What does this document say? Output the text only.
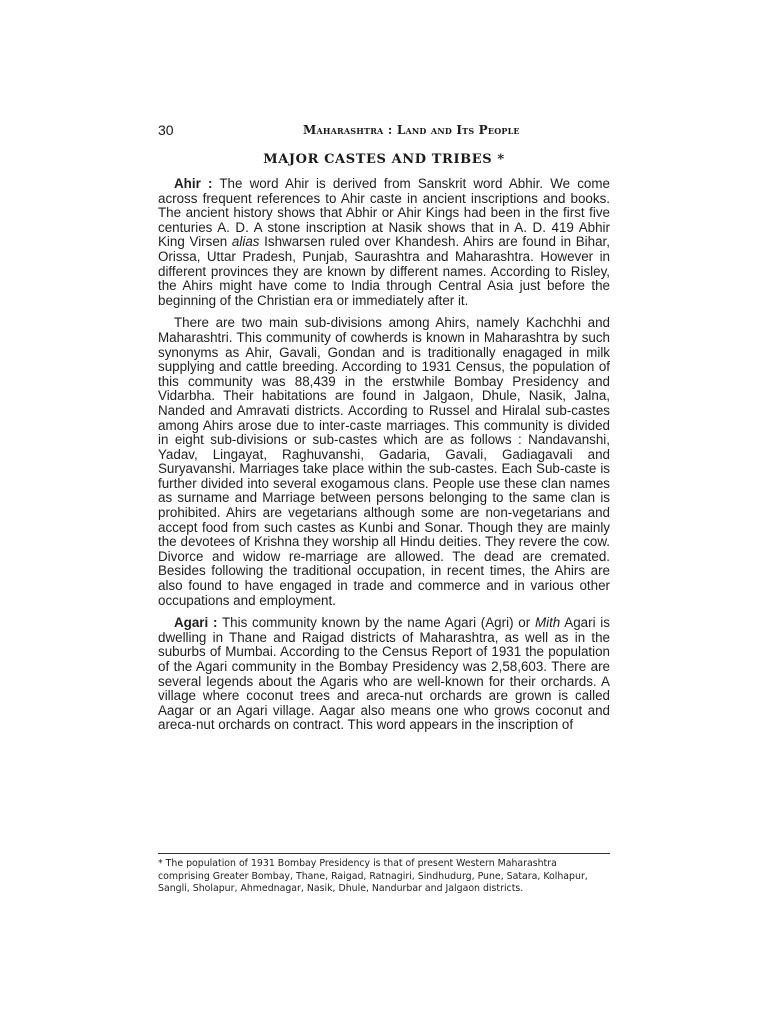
30	Maharashtra : Land and Its People
MAJOR CASTES AND TRIBES *

Ahir : The word Ahir is derived from Sanskrit word Abhir. We come across frequent references to Ahir caste in ancient inscriptions and books. The ancient history shows that Abhir or Ahir Kings had been in the first five centuries A. D. A stone inscription at Nasik shows that in A. D. 419 Abhir King Virsen alias Ishwarsen ruled over Khandesh. Ahirs are found in Bihar, Orissa, Uttar Pradesh, Punjab, Saurashtra and Maharashtra. However in different provinces they are known by different names. According to Risley, the Ahirs might have come to India through Central Asia just before the beginning of the Christian era or immediately after it.

There are two main sub-divisions among Ahirs, namely Kachchhi and Maharashtri. This community of cowherds is known in Maharashtra by such synonyms as Ahir, Gavali, Gondan and is traditionally enagaged in milk supplying and cattle breeding. According to 1931 Census, the population of this community was 88,439 in the erstwhile Bombay Presidency and Vidarbha. Their habitations are found in Jalgaon, Dhule, Nasik, Jalna, Nanded and Amravati districts. According to Russel and Hiralal sub-castes among Ahirs arose due to inter-caste marriages. This community is divided in eight sub-divisions or sub-castes which are as follows : Nandavanshi, Yadav, Lingayat, Raghuvanshi, Gadaria, Gavali, Gadiagavali and Suryavanshi. Marriages take place within the sub-castes. Each Sub-caste is further divided into several exogamous clans. People use these clan names as surname and Marriage between persons belonging to the same clan is prohibited. Ahirs are vegetarians although some are non-vegetarians and accept food from such castes as Kunbi and Sonar. Though they are mainly the devotees of Krishna they worship all Hindu deities. They revere the cow. Divorce and widow re-marriage are allowed. The dead are cremated. Besides following the traditional occupation, in recent times, the Ahirs are also found to have engaged in trade and commerce and in various other occupations and employment.

Agari : This community known by the name Agari (Agri) or Mith Agari is dwelling in Thane and Raigad districts of Maharashtra, as well as in the suburbs of Mumbai. According to the Census Report of 1931 the population of the Agari community in the Bombay Presidency was 2,58,603. There are several legends about the Agaris who are well-known for their orchards. A village where coconut trees and areca-nut orchards are grown is called Aagar or an Agari village. Aagar also means one who grows coconut and areca-nut orchards on contract. This word appears in the inscription of

* The population of 1931 Bombay Presidency is that of present Western Maharashtra comprising Greater Bombay, Thane, Raigad, Ratnagiri, Sindhudurg, Pune, Satara, Kolhapur, Sangli, Sholapur, Ahmednagar, Nasik, Dhule, Nandurbar and Jalgaon districts.
